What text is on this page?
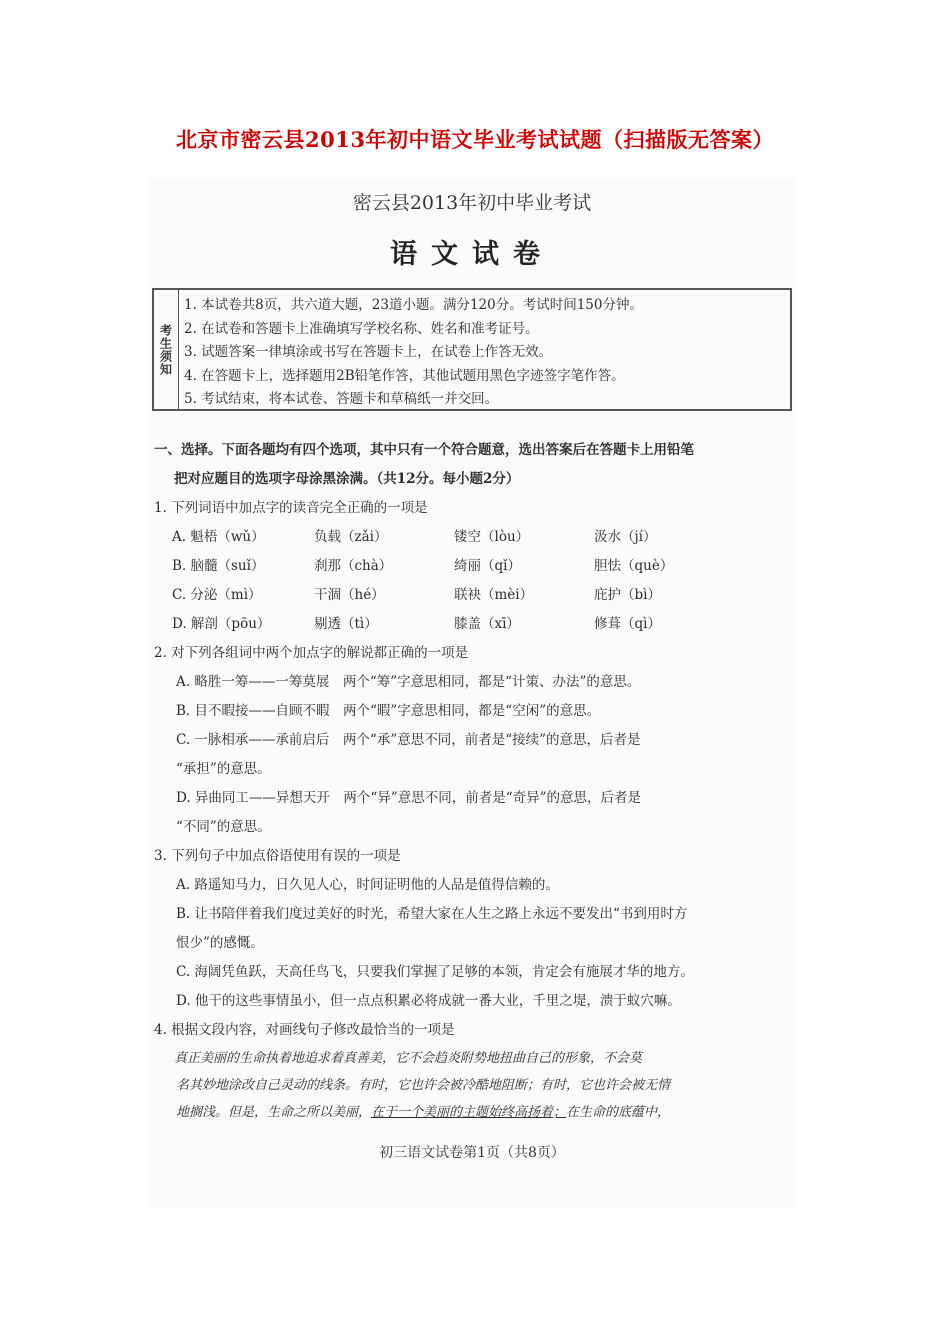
北京市密云县2013年初中语文毕业考试试题（扫描版无答案）
密云县2013年初中毕业考试
语文试卷
考生须知
1. 本试卷共8页，共六道大题，23道小题。满分120分。考试时间150分钟。
2. 在试卷和答题卡上准确填写学校名称、姓名和准考证号。
3. 试题答案一律填涂或书写在答题卡上，在试卷上作答无效。
4. 在答题卡上，选择题用2B铅笔作答，其他试题用黑色字迹签字笔作答。
5. 考试结束，将本试卷、答题卡和草稿纸一并交回。
一、选择。下面各题均有四个选项，其中只有一个符合题意，选出答案后在答题卡上用铅笔
把对应题目的选项字母涂黑涂满。（共12分。每小题2分）
1. 下列词语中加点字的读音完全正确的一项是
A. 魁梧（wǔ）	负载（zǎi）	镂空（lòu）	汲水（jí）
B. 脑髓（suǐ）	刹那（chà）	绮丽（qǐ）	胆怯（què）
C. 分泌（mì）	干涸（hé）	联袂（mèi）	庇护（bì）
D. 解剖（pōu）	剔透（tì）	膝盖（xī）	修葺（qì）
2. 对下列各组词中两个加点字的解说都正确的一项是
A. 略胜一筹——一筹莫展　两个“筹”字意思相同，都是“计策、办法”的意思。
B. 目不暇接——自顾不暇　两个“暇”字意思相同，都是“空闲”的意思。
C. 一脉相承——承前启后　两个“承”意思不同，前者是“接续”的意思，后者是
“承担”的意思。
D. 异曲同工——异想天开　两个“异”意思不同，前者是“奇异”的意思，后者是
“不同”的意思。
3. 下列句子中加点俗语使用有误的一项是
A. 路遥知马力，日久见人心，时间证明他的人品是值得信赖的。
B. 让书陪伴着我们度过美好的时光，希望大家在人生之路上永远不要发出“书到用时方
恨少”的感慨。
C. 海阔凭鱼跃，天高任鸟飞，只要我们掌握了足够的本领，肯定会有施展才华的地方。
D. 他干的这些事情虽小，但一点点积累必将成就一番大业，千里之堤，溃于蚁穴嘛。
4. 根据文段内容，对画线句子修改最恰当的一项是
真正美丽的生命执着地追求着真善美，它不会趋炎附势地扭曲自己的形象，不会莫
名其妙地涂改自己灵动的线条。有时，它也许会被冷酷地阻断；有时，它也许会被无情
地搁浅。但是，生命之所以美丽，在于一个美丽的主题始终高扬着；在生命的底蕴中，
初三语文试卷第1页（共8页）
